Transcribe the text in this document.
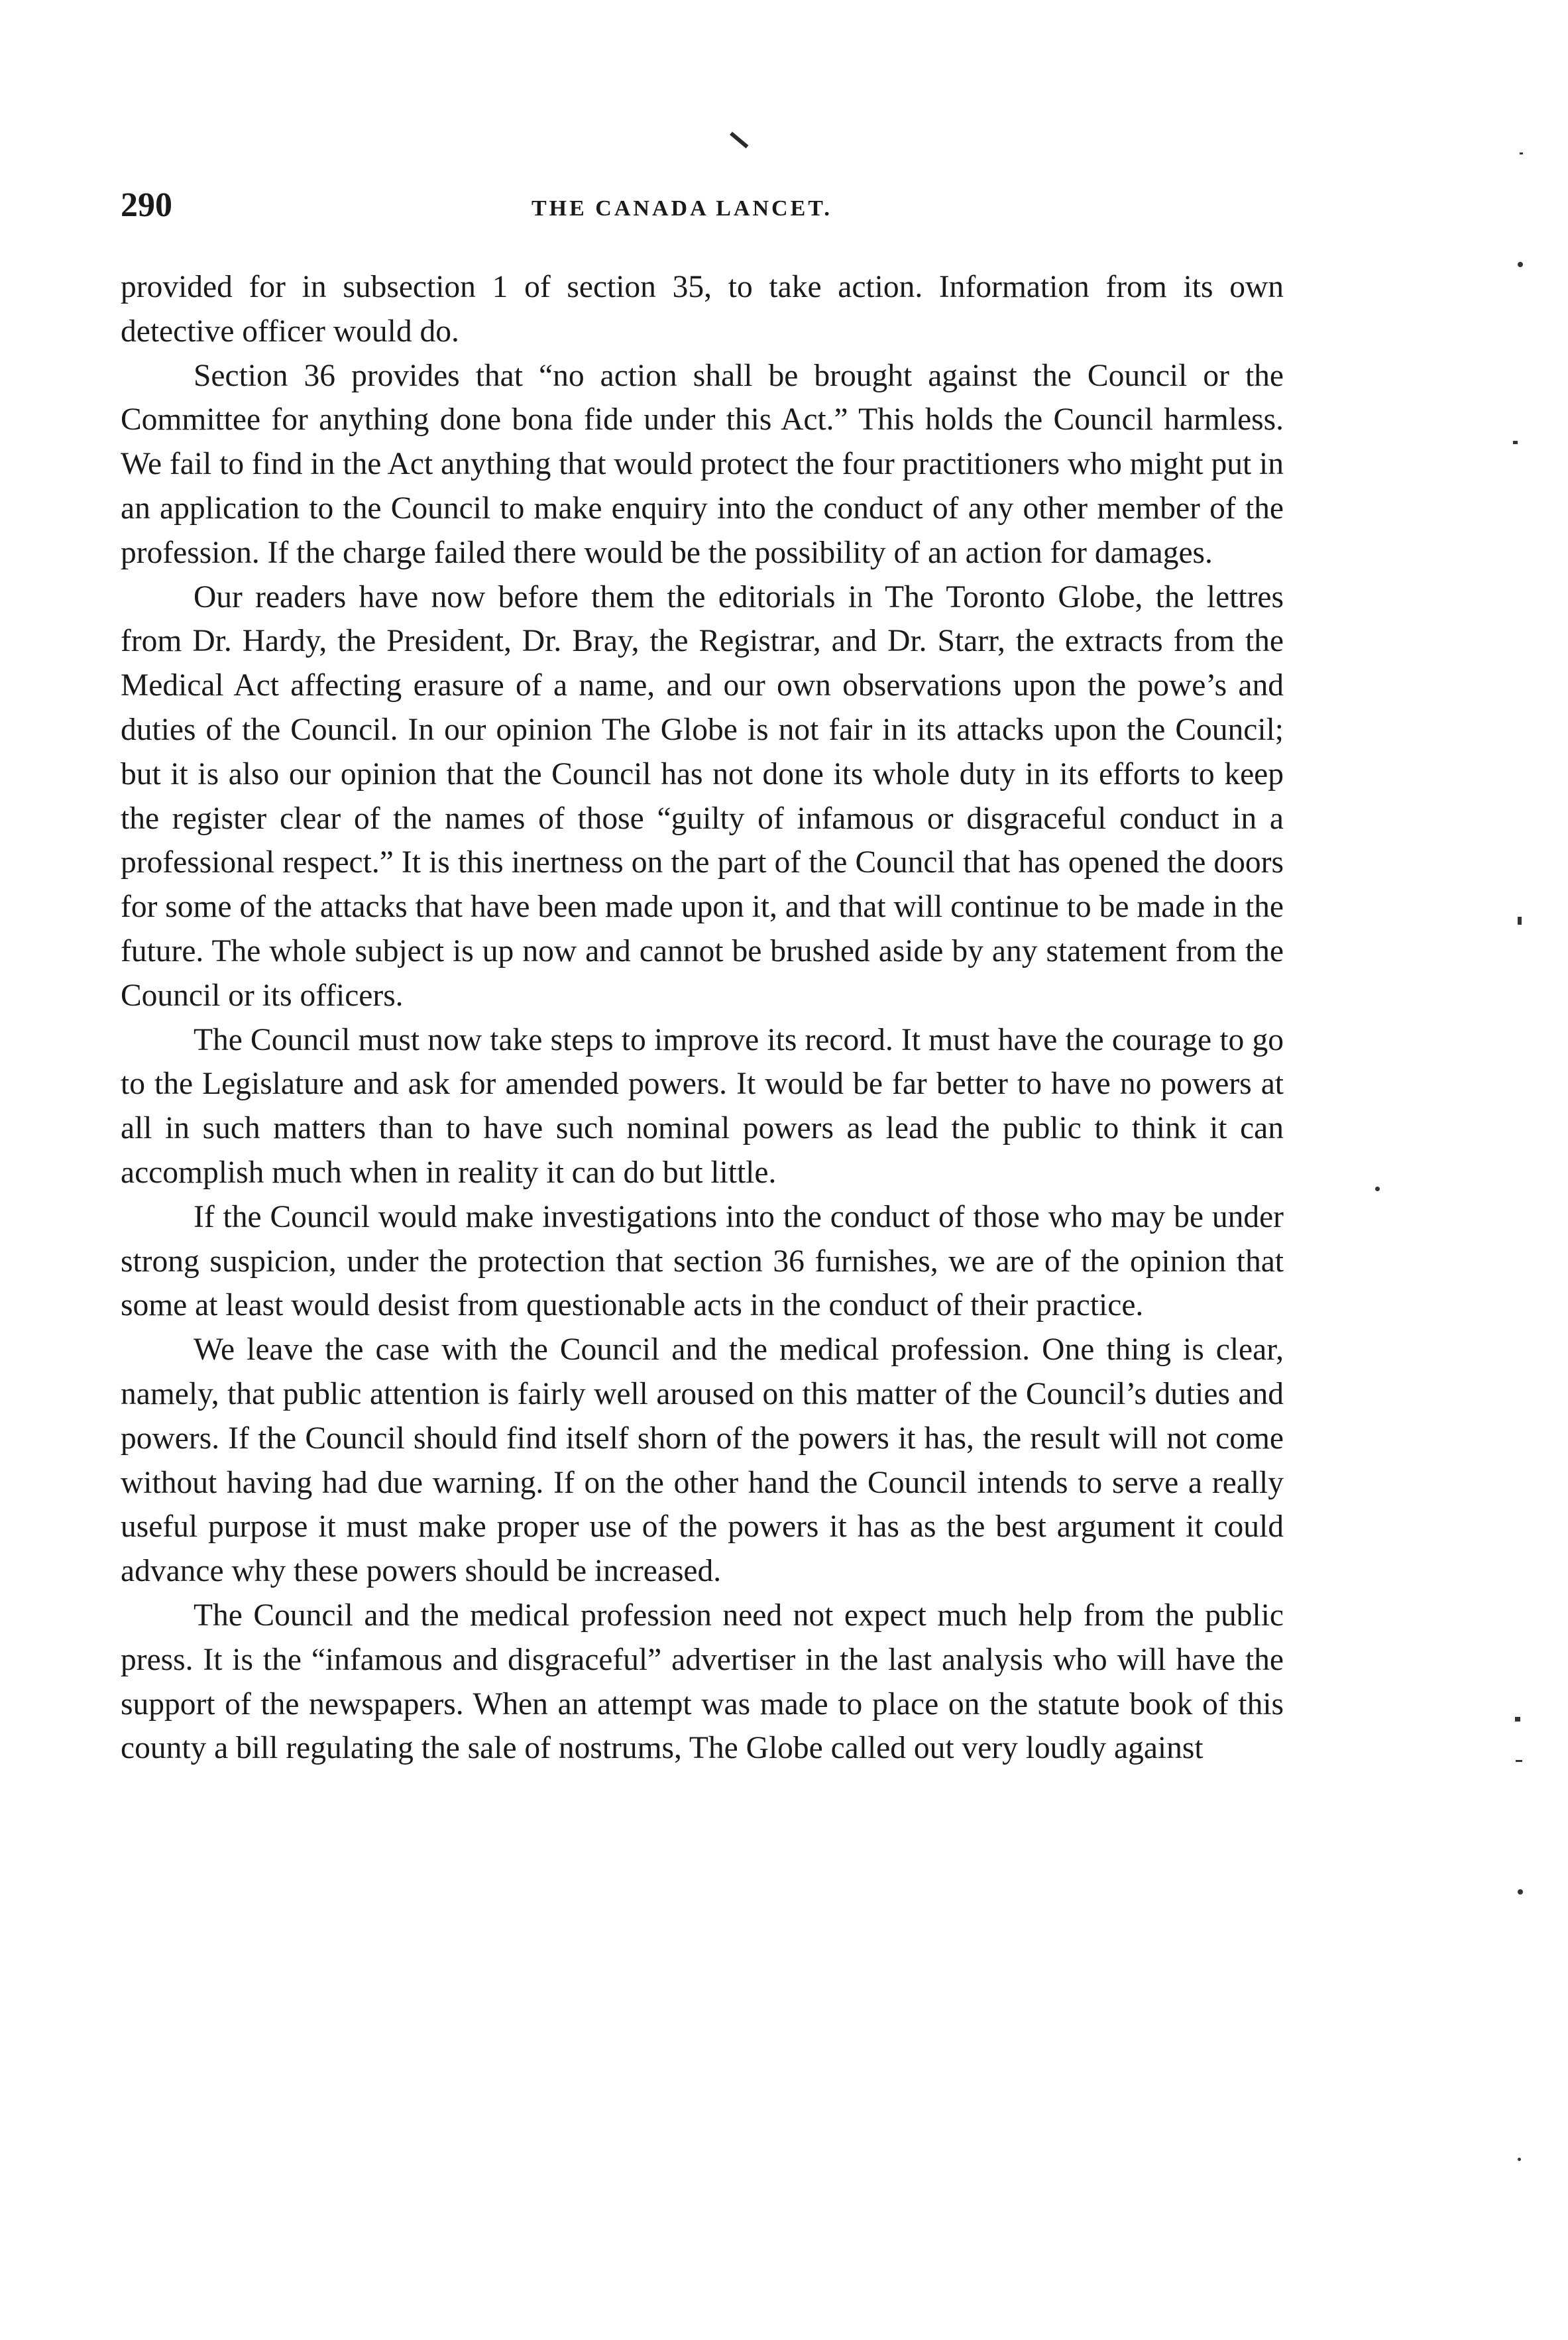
290	THE CANADA LANCET.

provided for in subsection 1 of section 35, to take action. Information from its own detective officer would do.

Section 36 provides that “no action shall be brought against the Council or the Committee for anything done bona fide under this Act.” This holds the Council harmless. We fail to find in the Act anything that would protect the four practitioners who might put in an application to the Council to make enquiry into the conduct of any other member of the profession. If the charge failed there would be the possibility of an action for damages.

Our readers have now before them the editorials in The Toronto Globe, the lettres from Dr. Hardy, the President, Dr. Bray, the Registrar, and Dr. Starr, the extracts from the Medical Act affecting erasure of a name, and our own observations upon the powe’s and duties of the Council. In our opinion The Globe is not fair in its attacks upon the Council; but it is also our opinion that the Council has not done its whole duty in its efforts to keep the register clear of the names of those “guilty of infamous or disgraceful conduct in a professional respect.” It is this inertness on the part of the Council that has opened the doors for some of the attacks that have been made upon it, and that will continue to be made in the future. The whole subject is up now and cannot be brushed aside by any statement from the Council or its officers.

The Council must now take steps to improve its record. It must have the courage to go to the Legislature and ask for amended powers. It would be far better to have no powers at all in such matters than to have such nominal powers as lead the public to think it can accomplish much when in reality it can do but little.

If the Council would make investigations into the conduct of those who may be under strong suspicion, under the protection that section 36 furnishes, we are of the opinion that some at least would desist from questionable acts in the conduct of their practice.

We leave the case with the Council and the medical profession. One thing is clear, namely, that public attention is fairly well aroused on this matter of the Council’s duties and powers. If the Council should find itself shorn of the powers it has, the result will not come without having had due warning. If on the other hand the Council intends to serve a really useful purpose it must make proper use of the powers it has as the best argument it could advance why these powers should be increased.

The Council and the medical profession need not expect much help from the public press. It is the “infamous and disgraceful” advertiser in the last analysis who will have the support of the newspapers. When an attempt was made to place on the statute book of this county a bill regulating the sale of nostrums, The Globe called out very loudly against
